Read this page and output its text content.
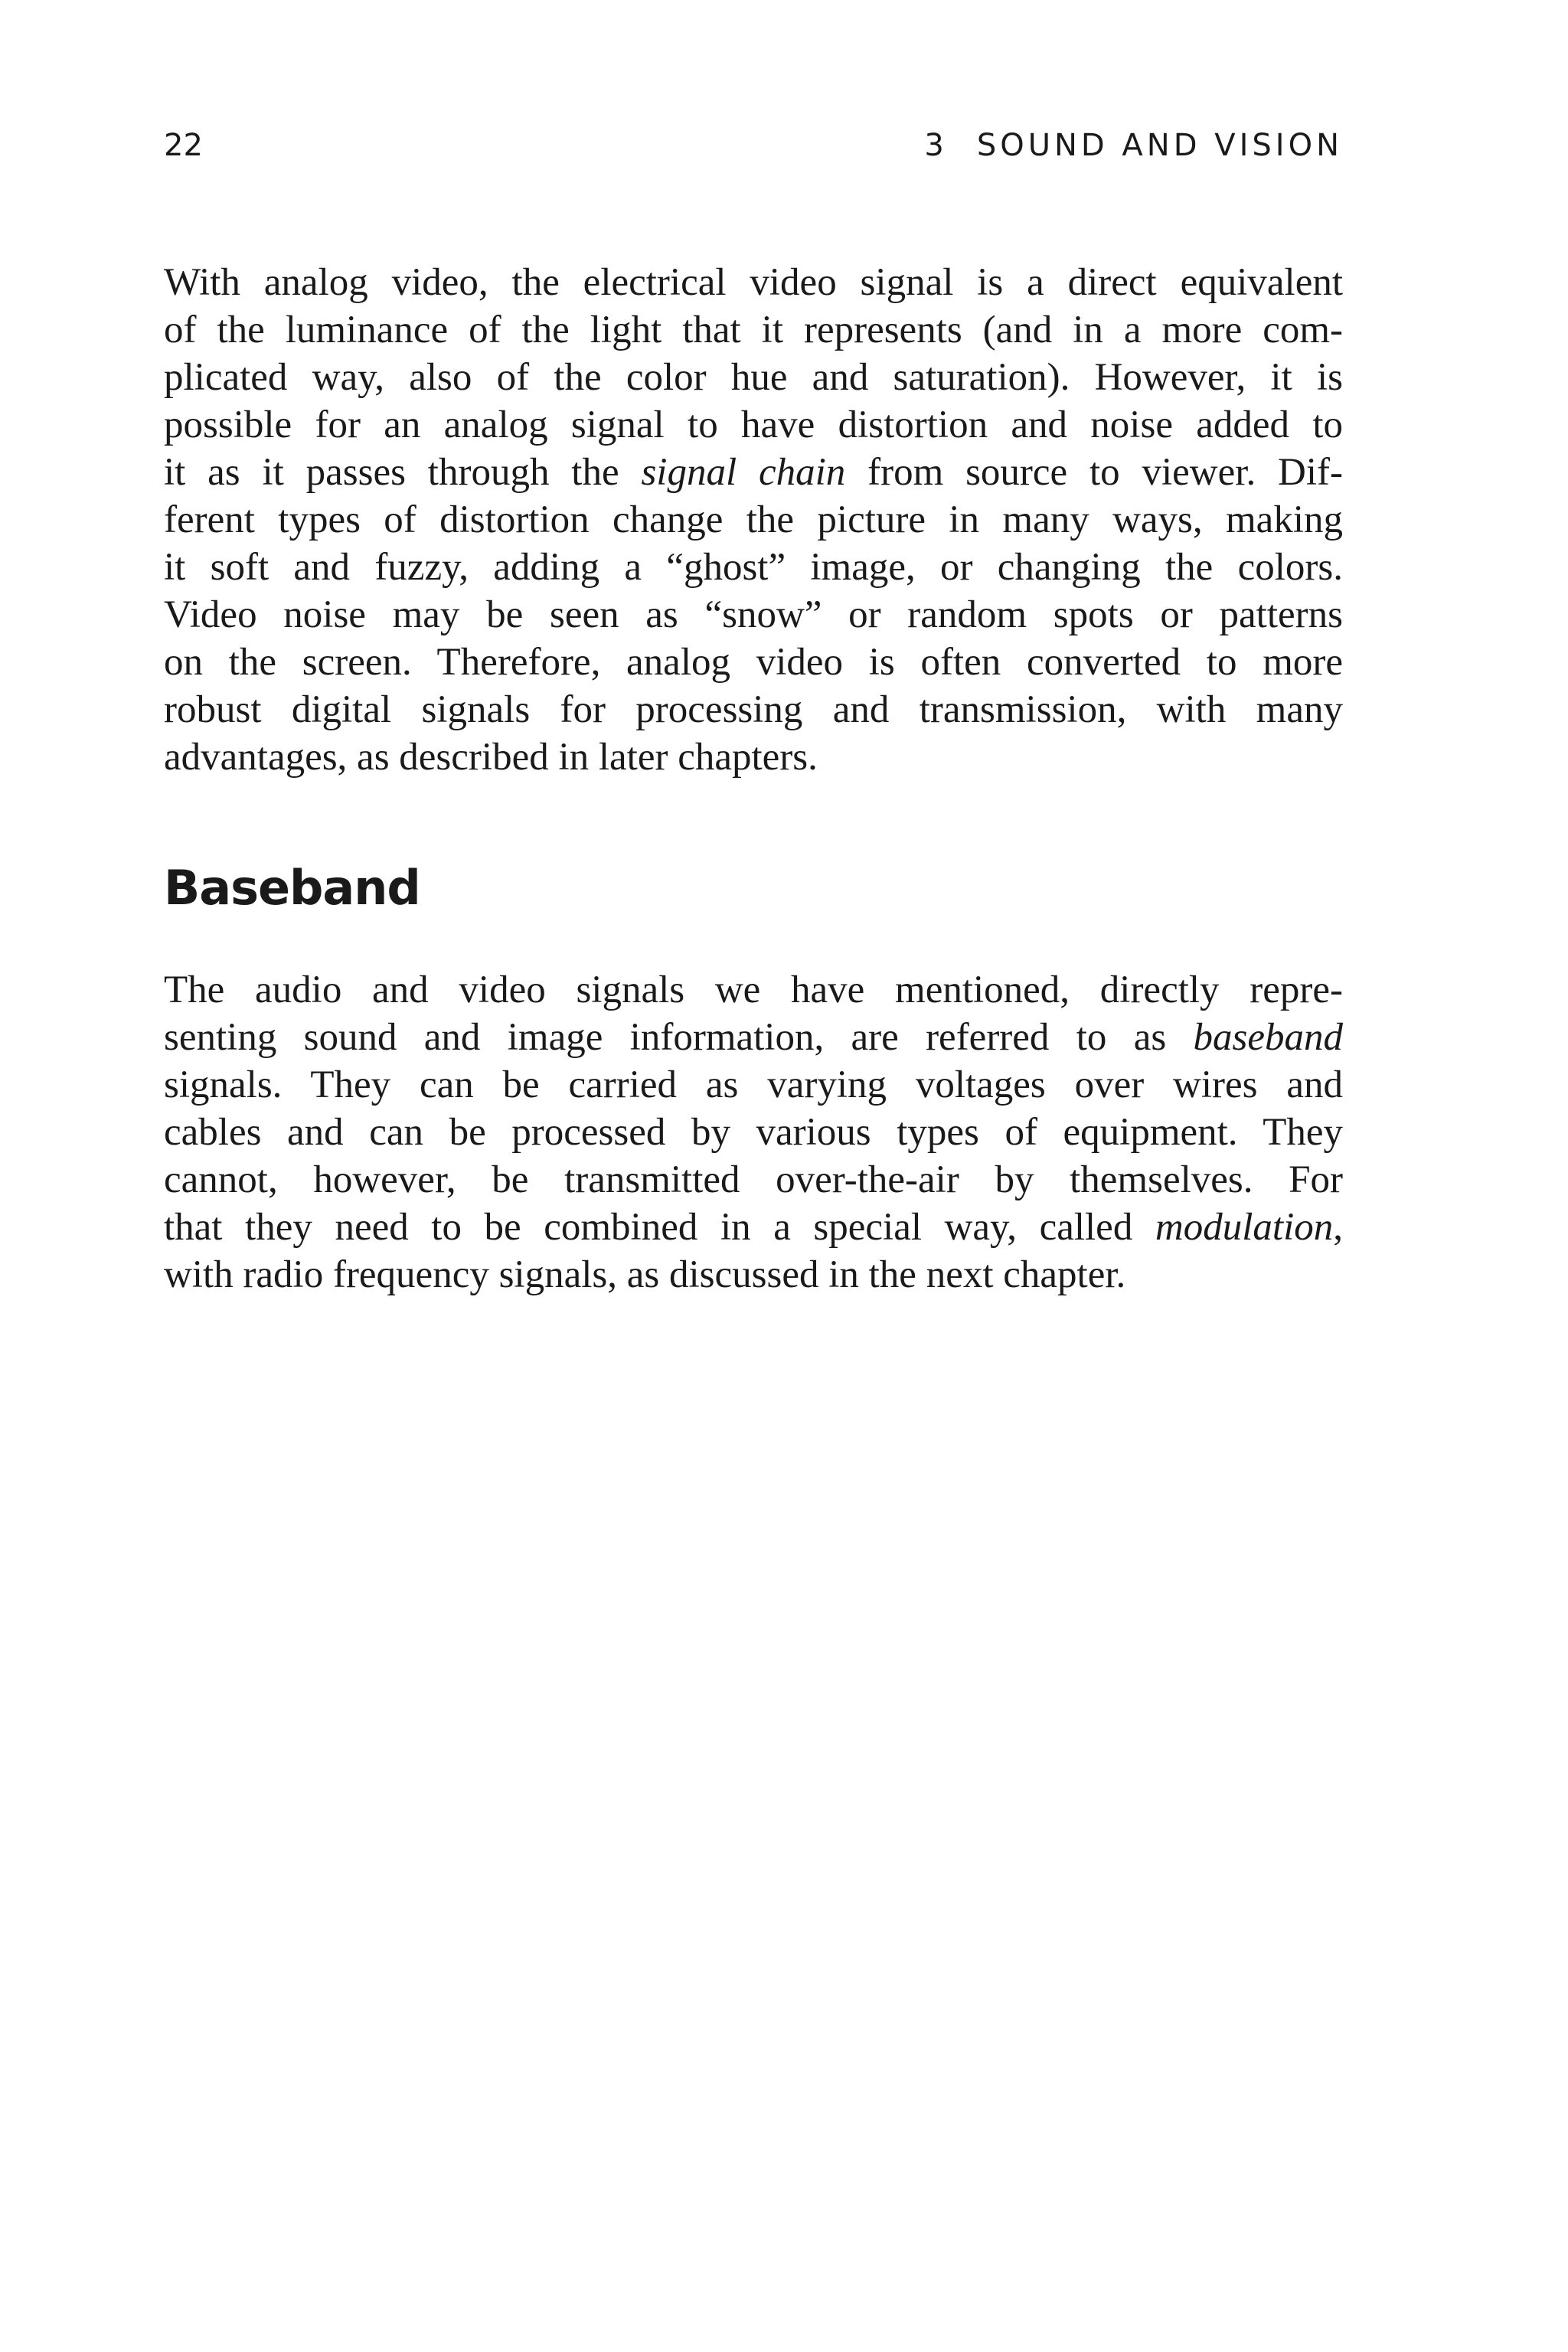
22	3 SOUND AND VISION

With analog video, the electrical video signal is a direct equivalent
of the luminance of the light that it represents (and in a more com-
plicated way, also of the color hue and saturation). However, it is
possible for an analog signal to have distortion and noise added to
it as it passes through the signal chain from source to viewer. Dif-
ferent types of distortion change the picture in many ways, making
it soft and fuzzy, adding a “ghost” image, or changing the colors.
Video noise may be seen as “snow” or random spots or patterns
on the screen. Therefore, analog video is often converted to more
robust digital signals for processing and transmission, with many
advantages, as described in later chapters.

Baseband

The audio and video signals we have mentioned, directly repre-
senting sound and image information, are referred to as baseband
signals. They can be carried as varying voltages over wires and
cables and can be processed by various types of equipment. They
cannot, however, be transmitted over-the-air by themselves. For
that they need to be combined in a special way, called modulation,
with radio frequency signals, as discussed in the next chapter.
